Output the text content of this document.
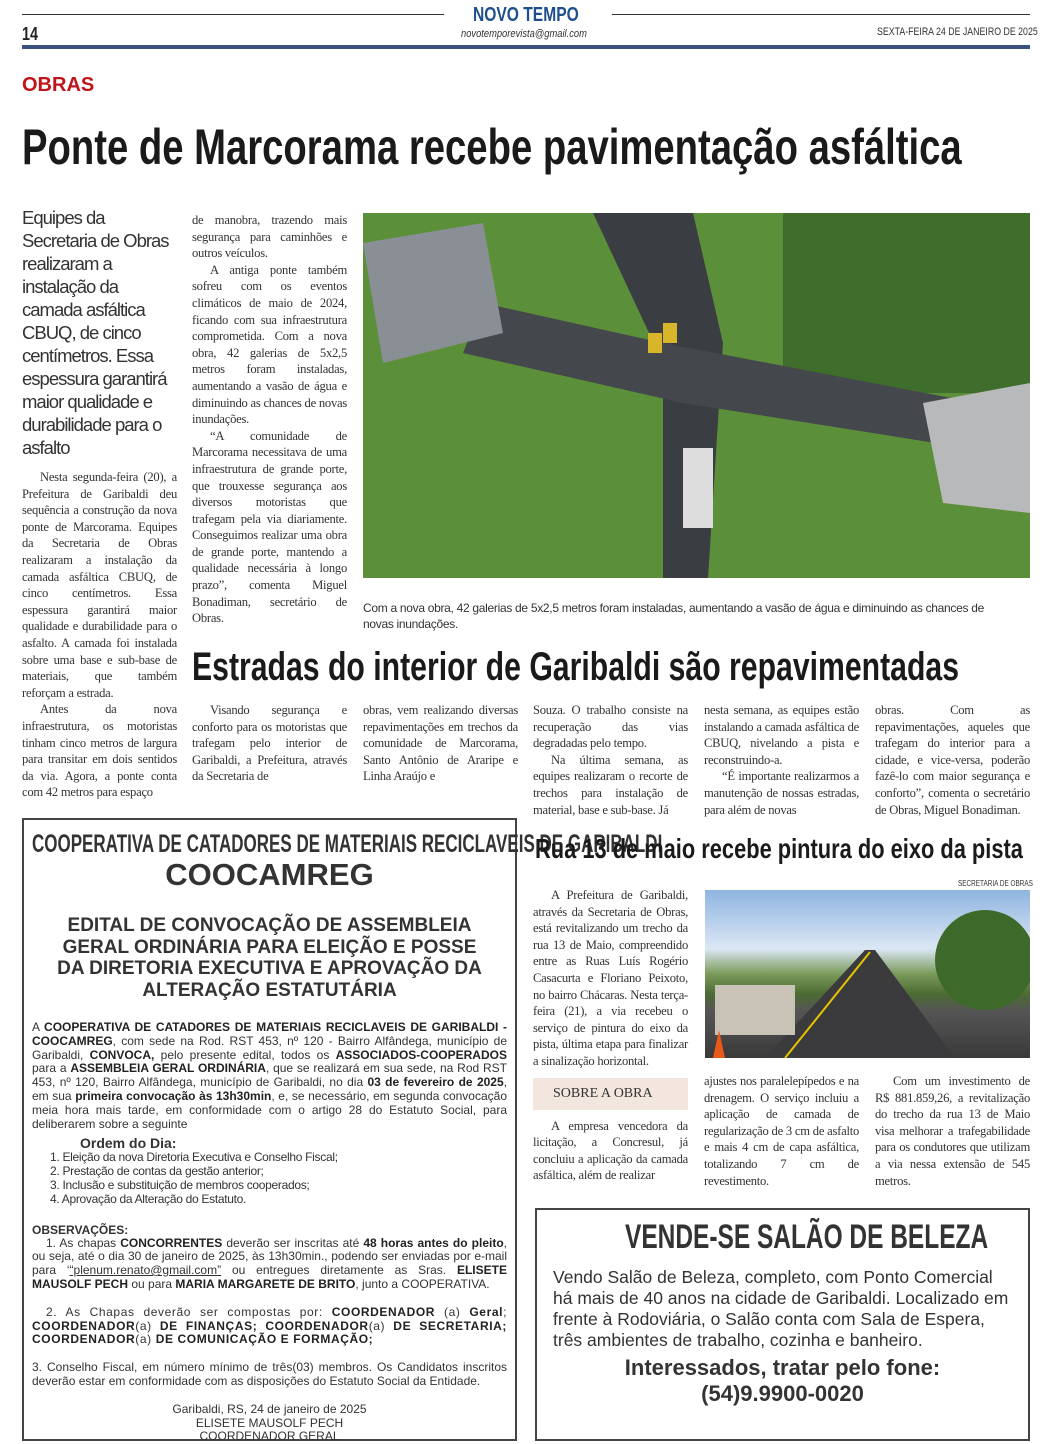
NOVO TEMPO
14	novotemporevista@gmail.com	SEXTA-FEIRA 24 DE JANEIRO DE 2025
OBRAS
Ponte de Marcorama recebe pavimentação asfáltica
Equipes da Secretaria de Obras realizaram a instalação da camada asfáltica CBUQ, de cinco centímetros. Essa espessura garantirá maior qualidade e durabilidade para o asfalto

Nesta segunda-feira (20), a Prefeitura de Garibaldi deu sequência a construção da nova ponte de Marcorama. Equipes da Secretaria de Obras realizaram a instalação da camada asfáltica CBUQ, de cinco centímetros. Essa espessura garantirá maior qualidade e durabilidade para o asfalto. A camada foi instalada sobre uma base e sub-base de materiais, que também reforçam a estrada.

Antes da nova infraestrutura, os motoristas tinham cinco metros de largura para transitar em dois sentidos da via. Agora, a ponte conta com 42 metros para espaço

de manobra, trazendo mais segurança para caminhões e outros veículos.

A antiga ponte também sofreu com os eventos climáticos de maio de 2024, ficando com sua infraestrutura comprometida. Com a nova obra, 42 galerias de 5x2,5 metros foram instaladas, aumentando a vasão de água e diminuindo as chances de novas inundações.

“A comunidade de Marcorama necessitava de uma infraestrutura de grande porte, que trouxesse segurança aos diversos motoristas que trafegam pela via diariamente. Conseguimos realizar uma obra de grande porte, mantendo a qualidade necessária à longo prazo”, comenta Miguel Bonadiman, secretário de Obras.

Com a nova obra, 42 galerias de 5x2,5 metros foram instaladas, aumentando a vasão de água e diminuindo as chances de novas inundações.
Estradas do interior de Garibaldi são repavimentadas

Visando segurança e conforto para os motoristas que trafegam pelo interior de Garibaldi, a Prefeitura, através da Secretaria de

obras, vem realizando diversas repavimentações em trechos da comunidade de Marcorama, Santo Antônio de Araripe e Linha Araújo e

Souza. O trabalho consiste na recuperação das vias degradadas pelo tempo.

Na última semana, as equipes realizaram o recorte de trechos para instalação de material, base e sub-base. Já

nesta semana, as equipes estão instalando a camada asfáltica de CBUQ, nivelando a pista e reconstruindo-a.

“É importante realizarmos a manutenção de nossas estradas, para além de novas

obras. Com as repavimentações, aqueles que trafegam do interior para a cidade, e vice-versa, poderão fazê-lo com maior segurança e conforto”, comenta o secretário de Obras, Miguel Bonadiman.

COOPERATIVA DE CATADORES DE MATERIAIS RECICLAVEIS DE GARIBALDI
COOCAMREG
EDITAL DE CONVOCAÇÃO DE ASSEMBLEIA GERAL ORDINÁRIA PARA ELEIÇÃO E POSSE DA DIRETORIA EXECUTIVA E APROVAÇÃO DA ALTERAÇÃO ESTATUTÁRIA
A COOPERATIVA DE CATADORES DE MATERIAIS RECICLAVEIS DE GARIBALDI - COOCAMREG, com sede na Rod. RST 453, nº 120 - Bairro Alfândega, município de Garibaldi, CONVOCA, pelo presente edital, todos os ASSOCIADOS-COOPERADOS para a ASSEMBLEIA GERAL ORDINÁRIA, que se realizará em sua sede, na Rod RST 453, nº 120, Bairro Alfândega, município de Garibaldi, no dia 03 de fevereiro de 2025, em sua primeira convocação às 13h30min, e, se necessário, em segunda convocação meia hora mais tarde, em conformidade com o artigo 28 do Estatuto Social, para deliberarem sobre a seguinte
Ordem do Dia:
1. Eleição da nova Diretoria Executiva e Conselho Fiscal;
2. Prestação de contas da gestão anterior;
3. Inclusão e substituição de membros cooperados;
4. Aprovação da Alteração do Estatuto.
OBSERVAÇÕES:
1. As chapas CONCORRENTES deverão ser inscritas até 48 horas antes do pleito, ou seja, até o dia 30 de janeiro de 2025, às 13h30min., podendo ser enviadas por e-mail para ‘“plenum.renato@gmail.com” ou entregues diretamente as Sras. ELISETE MAUSOLF PECH ou para MARIA MARGARETE DE BRITO, junto a COOPERATIVA.
2. As Chapas deverão ser compostas por: COORDENADOR (a) Geral; COORDENADOR(a) DE FINANÇAS; COORDENADOR(a) DE SECRETARIA; COORDENADOR(a) DE COMUNICAÇÃO E FORMAÇÃO;
3. Conselho Fiscal, em número mínimo de três(03) membros. Os Candidatos inscritos deverão estar em conformidade com as disposições do Estatuto Social da Entidade.
Garibaldi, RS, 24 de janeiro de 2025
ELISETE MAUSOLF PECH
COORDENADOR GERAL
Rua 13 de maio recebe pintura do eixo da pista
SECRETARIA DE OBRAS

A Prefeitura de Garibaldi, através da Secretaria de Obras, está revitalizando um trecho da rua 13 de Maio, compreendido entre as Ruas Luís Rogério Casacurta e Floriano Peixoto, no bairro Chácaras. Nesta terça-feira (21), a via recebeu o serviço de pintura do eixo da pista, última etapa para finalizar a sinalização horizontal.

SOBRE A OBRA

A empresa vencedora da licitação, a Concresul, já concluiu a aplicação da camada asfáltica, além de realizar

ajustes nos paralelepípedos e na drenagem. O serviço incluiu a aplicação de camada de regularização de 3 cm de asfalto e mais 4 cm de capa asfáltica, totalizando 7 cm de revestimento.

Com um investimento de R$ 881.859,26, a revitalização do trecho da rua 13 de Maio visa melhorar a trafegabilidade para os condutores que utilizam a via nessa extensão de 545 metros.

VENDE-SE SALÃO DE BELEZA
Vendo Salão de Beleza, completo, com Ponto Comercial há mais de 40 anos na cidade de Garibaldi. Localizado em frente à Rodoviária, o Salão conta com Sala de Espera, três ambientes de trabalho, cozinha e banheiro.
Interessados, tratar pelo fone:
(54)9.9900-0020
